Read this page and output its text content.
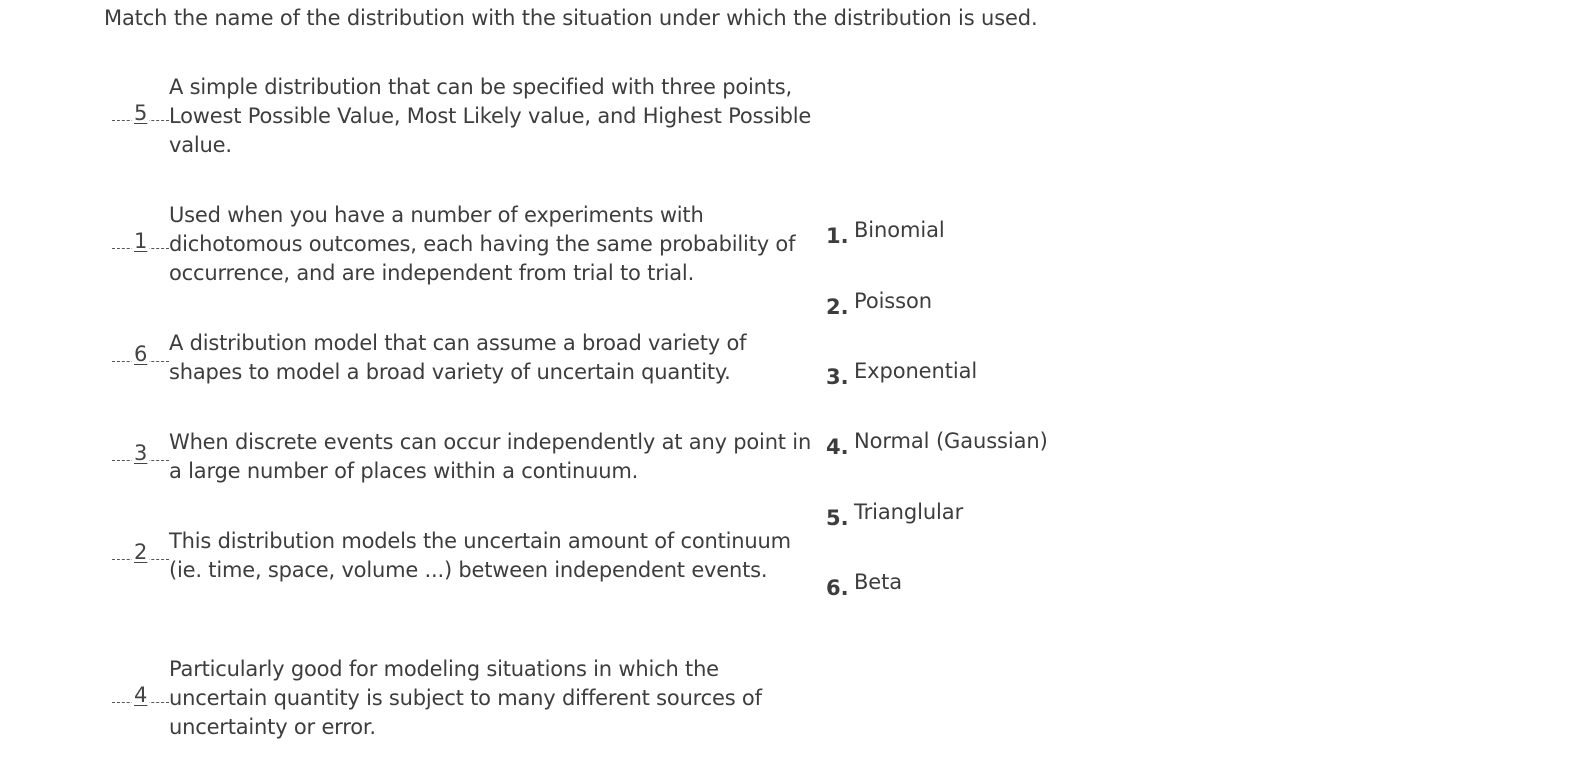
Match the name of the distribution with the situation under which the distribution is used.
5
A simple distribution that can be specified with three points, Lowest Possible Value, Most Likely value, and Highest Possible value.
1
Used when you have a number of experiments with dichotomous outcomes, each having the same probability of occurrence, and are independent from trial to trial.
6 A distribution model that can assume a broad variety of shapes to model a broad variety of uncertain quantity.
3 When discrete events can occur independently at any point in a large number of places within a continuum.
2 This distribution models the uncertain amount of continuum (ie. time, space, volume ...) between independent events.
4
Particularly good for modeling situations in which the uncertain quantity is subject to many different sources of uncertainty or error.
1. Binomial
2. Poisson
3. Exponential
4. Normal (Gaussian)
5. Trianglular
6. Beta
